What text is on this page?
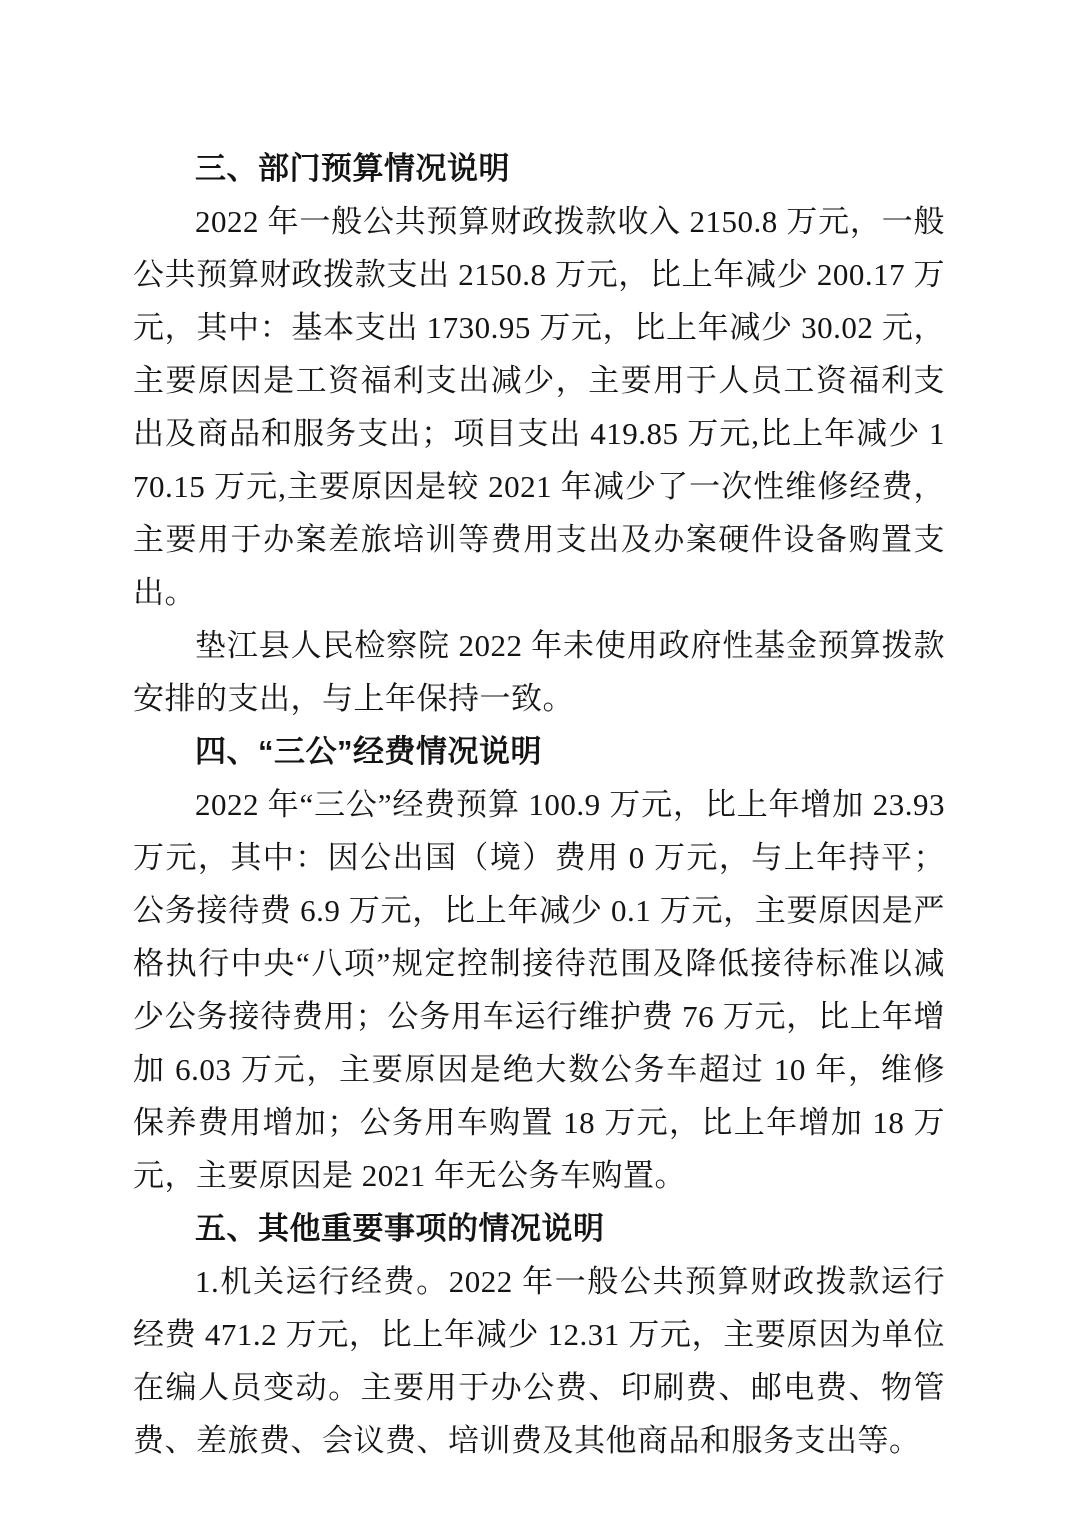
三、部门预算情况说明

2022 年一般公共预算财政拨款收入 2150.8 万元，一般公共预算财政拨款支出 2150.8 万元，比上年减少 200.17 万元，其中：基本支出 1730.95 万元，比上年减少 30.02 元，主要原因是工资福利支出减少，主要用于人员工资福利支出及商品和服务支出；项目支出 419.85 万元,比上年减少 170.15 万元,主要原因是较 2021 年减少了一次性维修经费，主要用于办案差旅培训等费用支出及办案硬件设备购置支出。

垫江县人民检察院 2022 年未使用政府性基金预算拨款安排的支出，与上年保持一致。

四、“三公”经费情况说明

2022 年“三公”经费预算 100.9 万元，比上年增加 23.93 万元，其中：因公出国（境）费用 0 万元，与上年持平；公务接待费 6.9 万元，比上年减少 0.1 万元，主要原因是严格执行中央“八项”规定控制接待范围及降低接待标准以减少公务接待费用；公务用车运行维护费 76 万元，比上年增加 6.03 万元，主要原因是绝大数公务车超过 10 年，维修保养费用增加；公务用车购置 18 万元，比上年增加 18 万元，主要原因是 2021 年无公务车购置。

五、其他重要事项的情况说明

1.机关运行经费。2022 年一般公共预算财政拨款运行经费 471.2 万元，比上年减少 12.31 万元，主要原因为单位在编人员变动。主要用于办公费、印刷费、邮电费、物管费、差旅费、会议费、培训费及其他商品和服务支出等。
